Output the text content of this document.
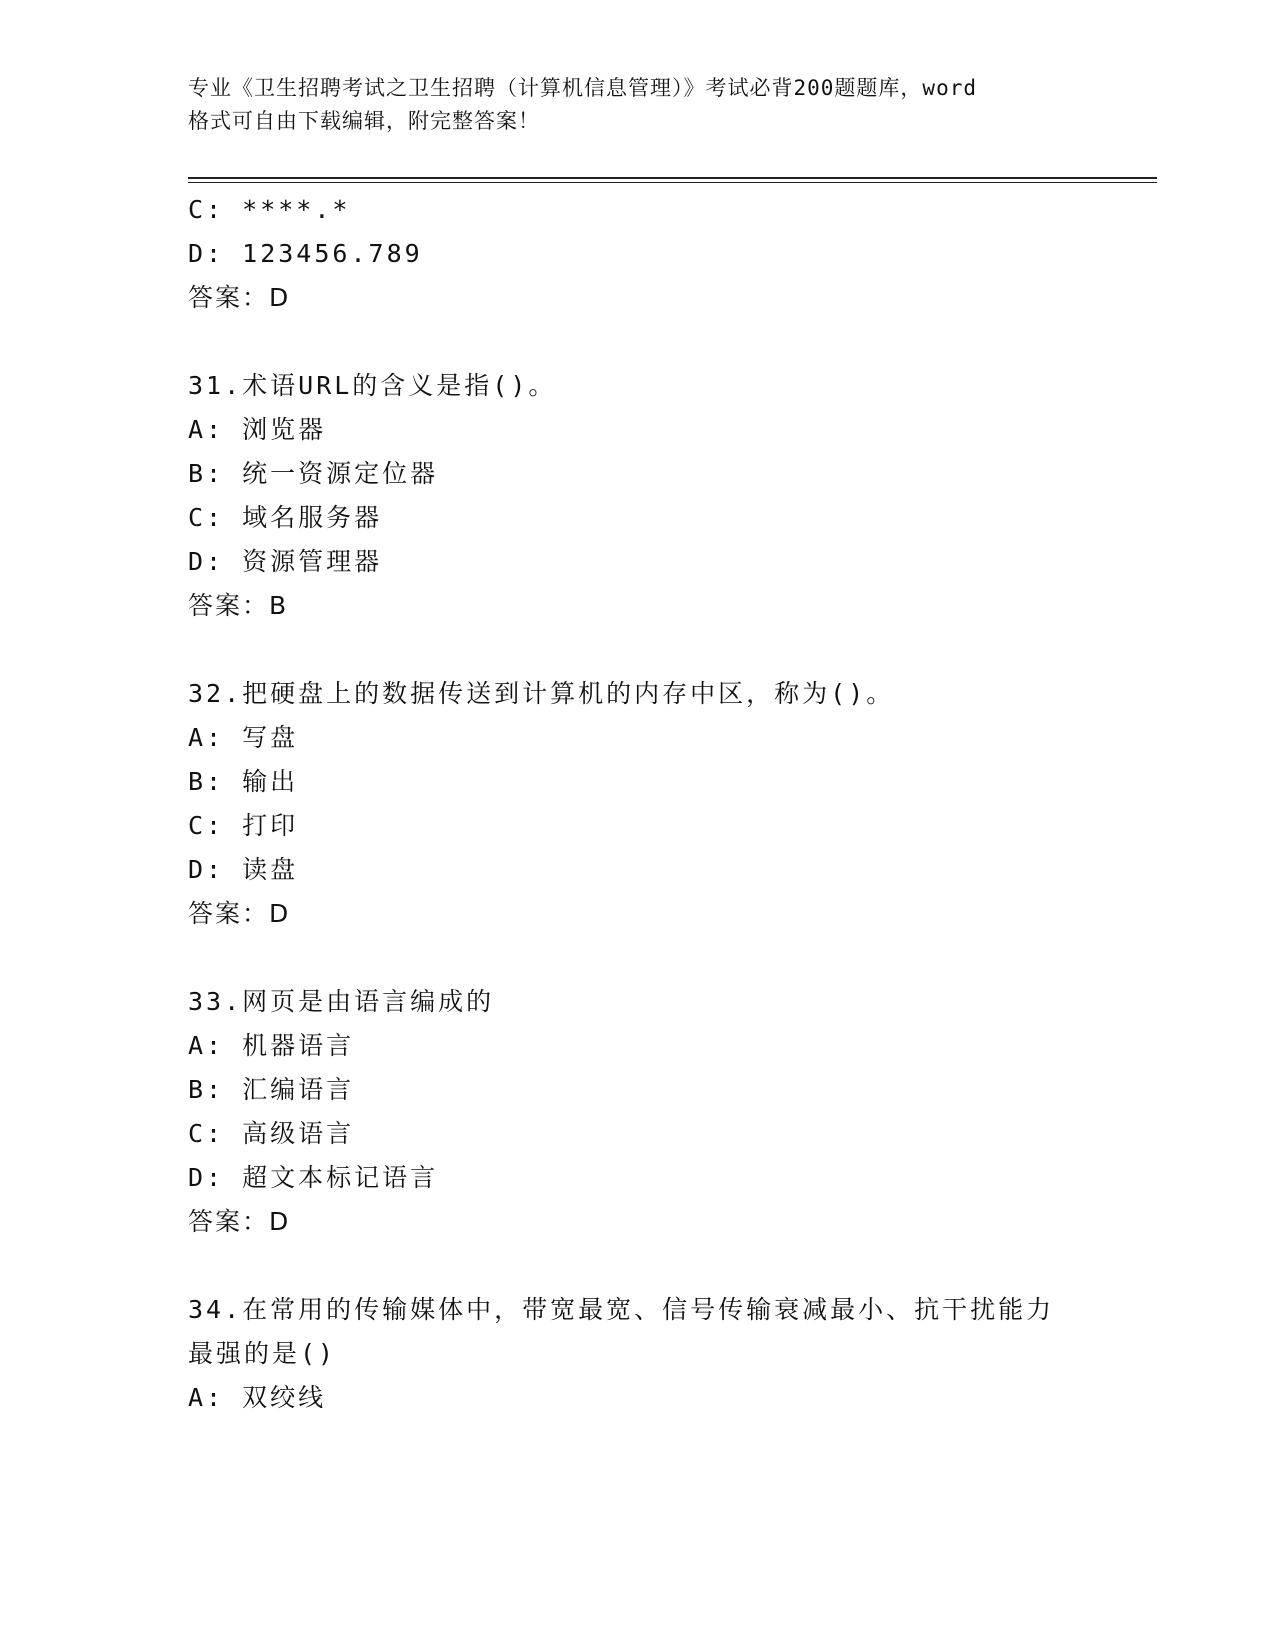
专业《卫生招聘考试之卫生招聘（计算机信息管理）》考试必背200题题库，word
格式可自由下载编辑，附完整答案！
C: ****.*
D: 123456.789
答案：D
31.术语URL的含义是指()。
A: 浏览器
B: 统一资源定位器
C: 域名服务器
D: 资源管理器
答案：B
32.把硬盘上的数据传送到计算机的内存中区，称为()。
A: 写盘
B: 输出
C: 打印
D: 读盘
答案：D
33.网页是由语言编成的
A: 机器语言
B: 汇编语言
C: 高级语言
D: 超文本标记语言
答案：D
34.在常用的传输媒体中，带宽最宽、信号传输衰减最小、抗干扰能力
最强的是()
A: 双绞线
